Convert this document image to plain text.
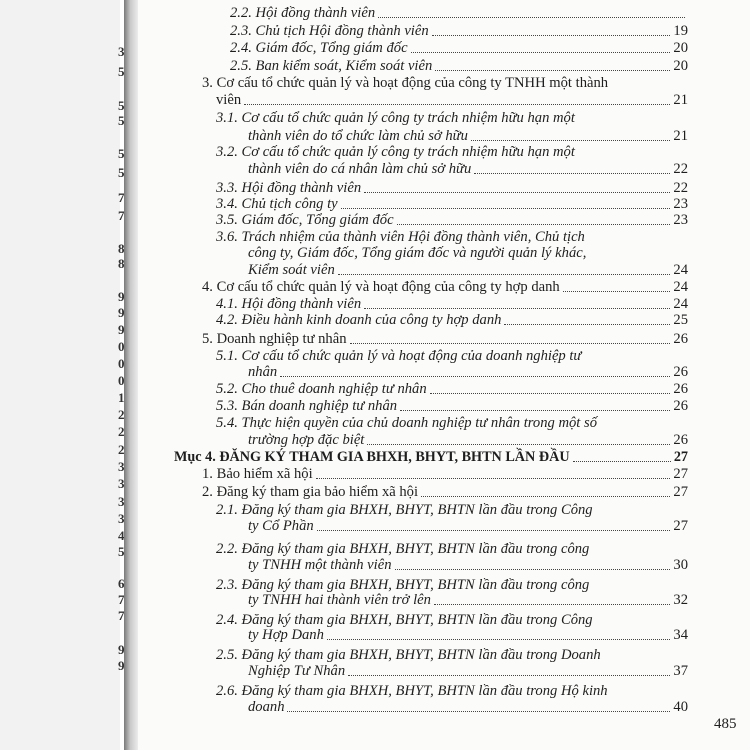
3
5
5
5
5
5
7
7
8
8
9
9
9
0
0
0
1
2
2
2
3
3
3
3
4
5
6
7
7
9
9
2.2. Hội đồng thành viên
2.3. Chủ tịch Hội đồng thành viên	19
2.4. Giám đốc, Tổng giám đốc	20
2.5. Ban kiểm soát, Kiểm soát viên	20
3. Cơ cấu tổ chức quản lý và hoạt động của công ty TNHH một thành
viên	21
3.1. Cơ cấu tổ chức quản lý công ty trách nhiệm hữu hạn một
thành viên do tổ chức làm chủ sở hữu	21
3.2. Cơ cấu tổ chức quản lý công ty trách nhiệm hữu hạn một
thành viên do cá nhân làm chủ sở hữu	22
3.3. Hội đồng thành viên	22
3.4. Chủ tịch công ty	23
3.5. Giám đốc, Tổng giám đốc	23
3.6. Trách nhiệm của thành viên Hội đồng thành viên, Chủ tịch
công ty, Giám đốc, Tổng giám đốc và người quản lý khác,
Kiểm soát viên	24
4. Cơ cấu tổ chức quản lý và hoạt động của công ty hợp danh	24
4.1. Hội đồng thành viên	24
4.2. Điều hành kinh doanh của công ty hợp danh	25
5. Doanh nghiệp tư nhân	26
5.1. Cơ cấu tổ chức quản lý và hoạt động của doanh nghiệp tư
nhân	26
5.2. Cho thuê doanh nghiệp tư nhân	26
5.3. Bán doanh nghiệp tư nhân	26
5.4. Thực hiện quyền của chủ doanh nghiệp tư nhân trong một số
trường hợp đặc biệt	26
Mục 4. ĐĂNG KÝ THAM GIA BHXH, BHYT, BHTN LẦN ĐẦU	27
1. Bảo hiểm xã hội	27
2. Đăng ký tham gia bảo hiểm xã hội	27
2.1. Đăng ký tham gia BHXH, BHYT, BHTN lần đầu trong Công
ty Cổ Phần	27
2.2. Đăng ký tham gia BHXH, BHYT, BHTN lần đầu trong công
ty TNHH một thành viên	30
2.3. Đăng ký tham gia BHXH, BHYT, BHTN lần đầu trong công
ty TNHH hai thành viên trở lên	32
2.4. Đăng ký tham gia BHXH, BHYT, BHTN lần đầu trong Công
ty Hợp Danh	34
2.5. Đăng ký tham gia BHXH, BHYT, BHTN lần đầu trong Doanh
Nghiệp Tư Nhân	37
2.6. Đăng ký tham gia BHXH, BHYT, BHTN lần đầu trong Hộ kinh
doanh	40
485
